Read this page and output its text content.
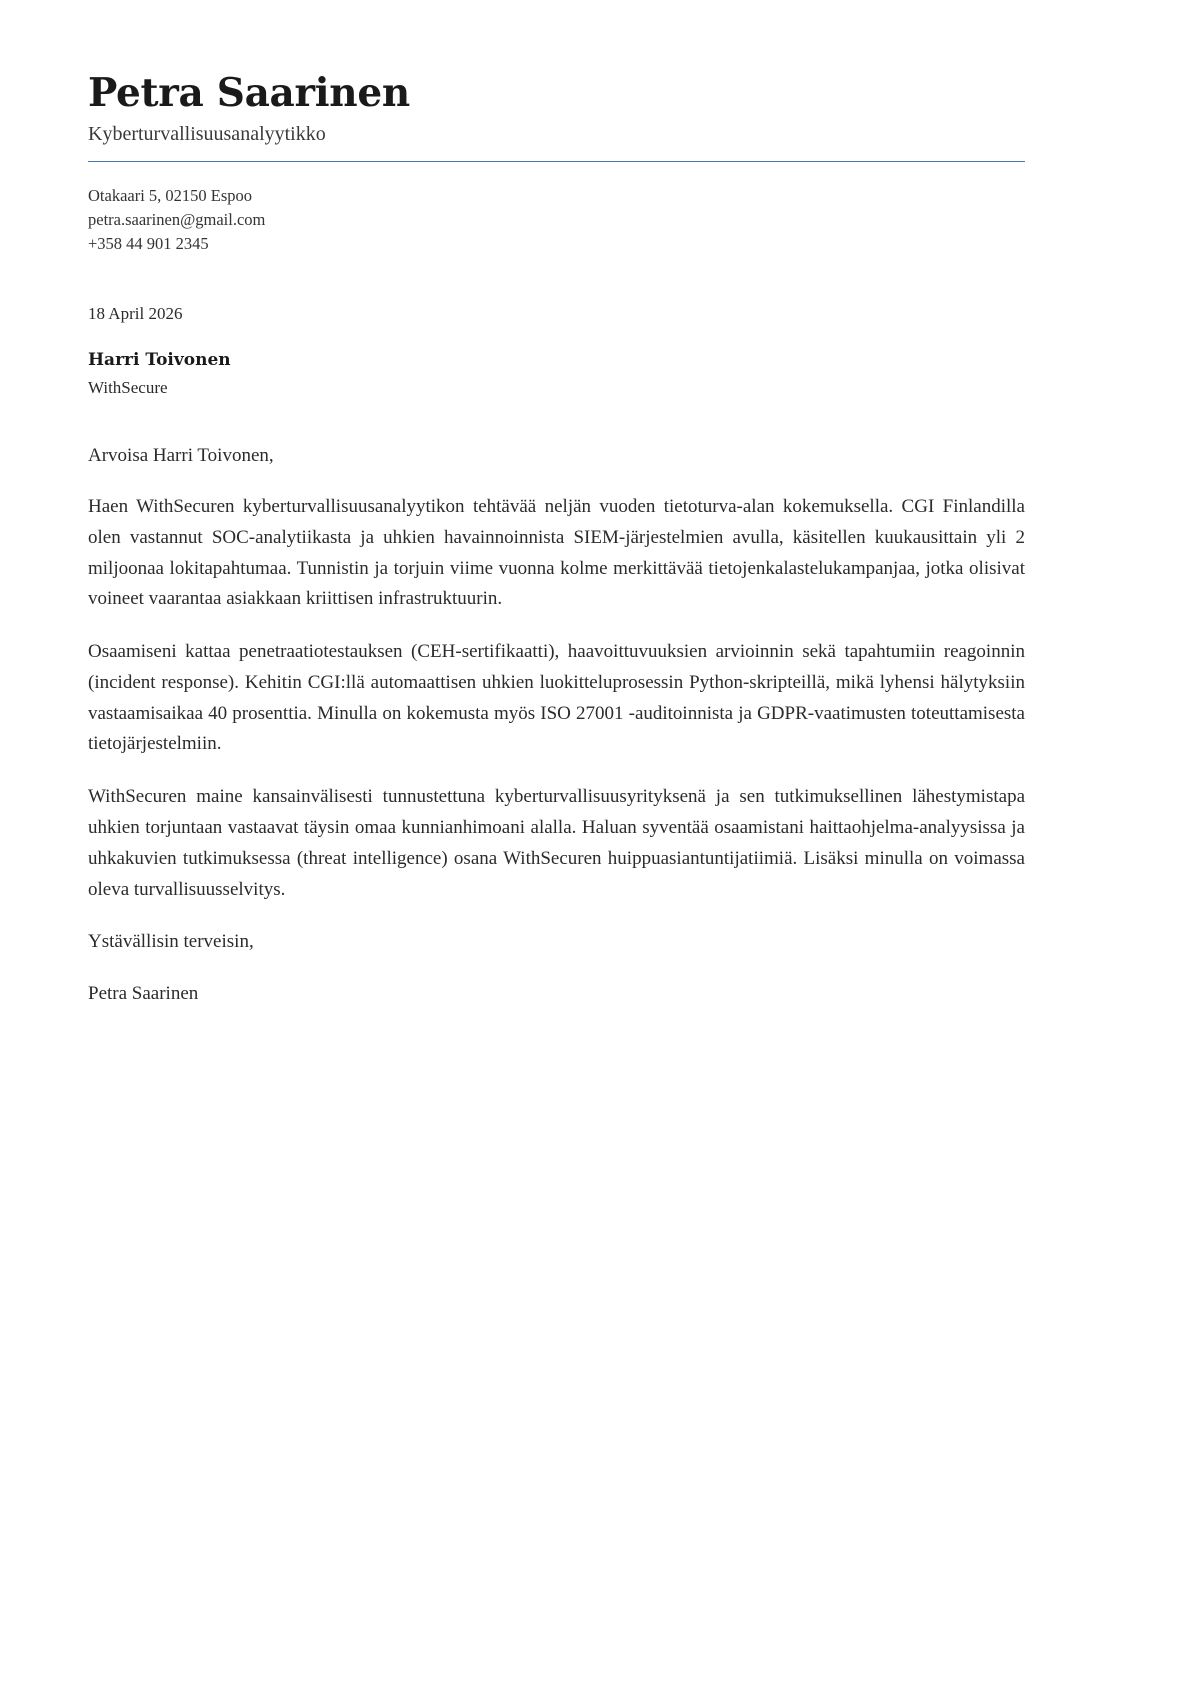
Petra Saarinen
Kyberturvallisuusanalyytikko
Otakaari 5, 02150 Espoo
petra.saarinen@gmail.com
+358 44 901 2345
18 April 2026
Harri Toivonen
WithSecure

Arvoisa Harri Toivonen,

Haen WithSecuren kyberturvallisuusanalyytikon tehtävää neljän vuoden tietoturva-alan kokemuksella. CGI Finlandilla olen vastannut SOC-analytiikasta ja uhkien havainnoinnista SIEM-järjestelmien avulla, käsitellen kuukausittain yli 2 miljoonaa lokitapahtumaa. Tunnistin ja torjuin viime vuonna kolme merkittävää tietojenkalastelukampanjaa, jotka olisivat voineet vaarantaa asiakkaan kriittisen infrastruktuurin.

Osaamiseni kattaa penetraatiotestauksen (CEH-sertifikaatti), haavoittuvuuksien arvioinnin sekä tapahtumiin reagoinnin (incident response). Kehitin CGI:llä automaattisen uhkien luokitteluprosessin Python-skripteillä, mikä lyhensi hälytyksiin vastaamisaikaa 40 prosenttia. Minulla on kokemusta myös ISO 27001 -auditoinnista ja GDPR-vaatimusten toteuttamisesta tietojärjestelmiin.

WithSecuren maine kansainvälisesti tunnustettuna kyberturvallisuusyrityksenä ja sen tutkimuksellinen lähestymistapa uhkien torjuntaan vastaavat täysin omaa kunnianhimoani alalla. Haluan syventää osaamistani haittaohjelma-analyysissa ja uhkakuvien tutkimuksessa (threat intelligence) osana WithSecuren huippuasiantuntijatiimiä. Lisäksi minulla on voimassa oleva turvallisuusselvitys.

Ystävällisin terveisin,

Petra Saarinen
